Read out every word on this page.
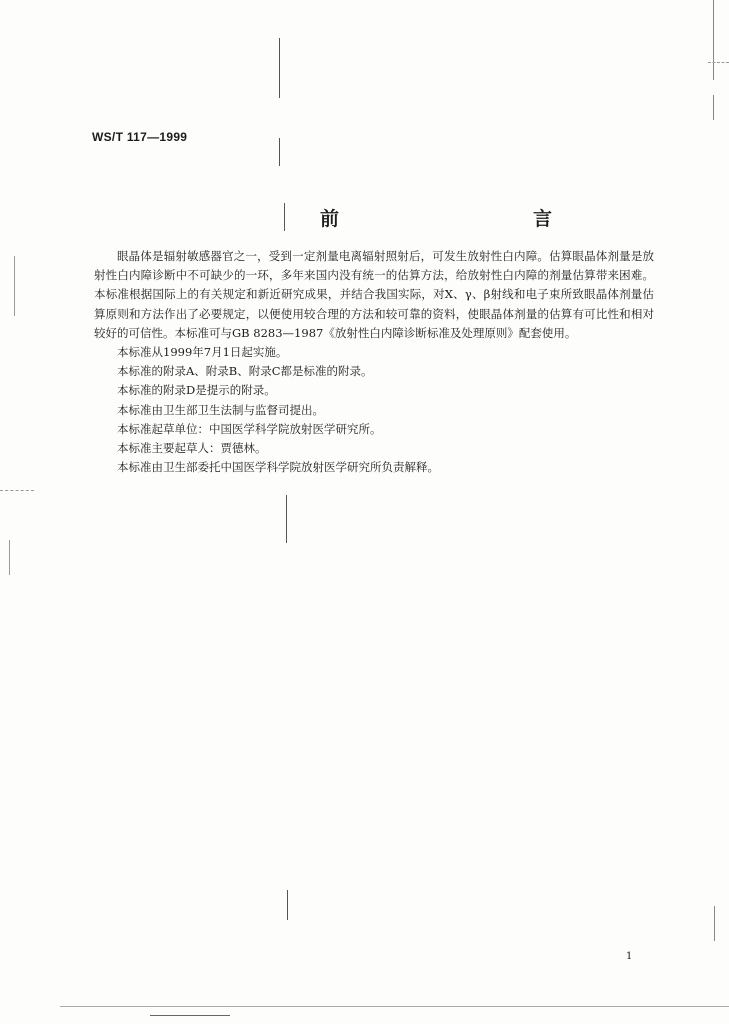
WS/T 117—1999
前　　言

眼晶体是辐射敏感器官之一，受到一定剂量电离辐射照射后，可发生放射性白内障。估算眼晶体剂量是放射性白内障诊断中不可缺少的一环，多年来国内没有统一的估算方法，给放射性白内障的剂量估算带来困难。本标准根据国际上的有关规定和新近研究成果，并结合我国实际，对X、γ、β射线和电子束所致眼晶体剂量估算原则和方法作出了必要规定，以便使用较合理的方法和较可靠的资料，使眼晶体剂量的估算有可比性和相对较好的可信性。本标准可与GB 8283—1987《放射性白内障诊断标准及处理原则》配套使用。

本标准从1999年7月1日起实施。

本标准的附录A、附录B、附录C都是标准的附录。

本标准的附录D是提示的附录。

本标准由卫生部卫生法制与监督司提出。

本标准起草单位：中国医学科学院放射医学研究所。

本标准主要起草人：贾德林。

本标准由卫生部委托中国医学科学院放射医学研究所负责解释。

1
